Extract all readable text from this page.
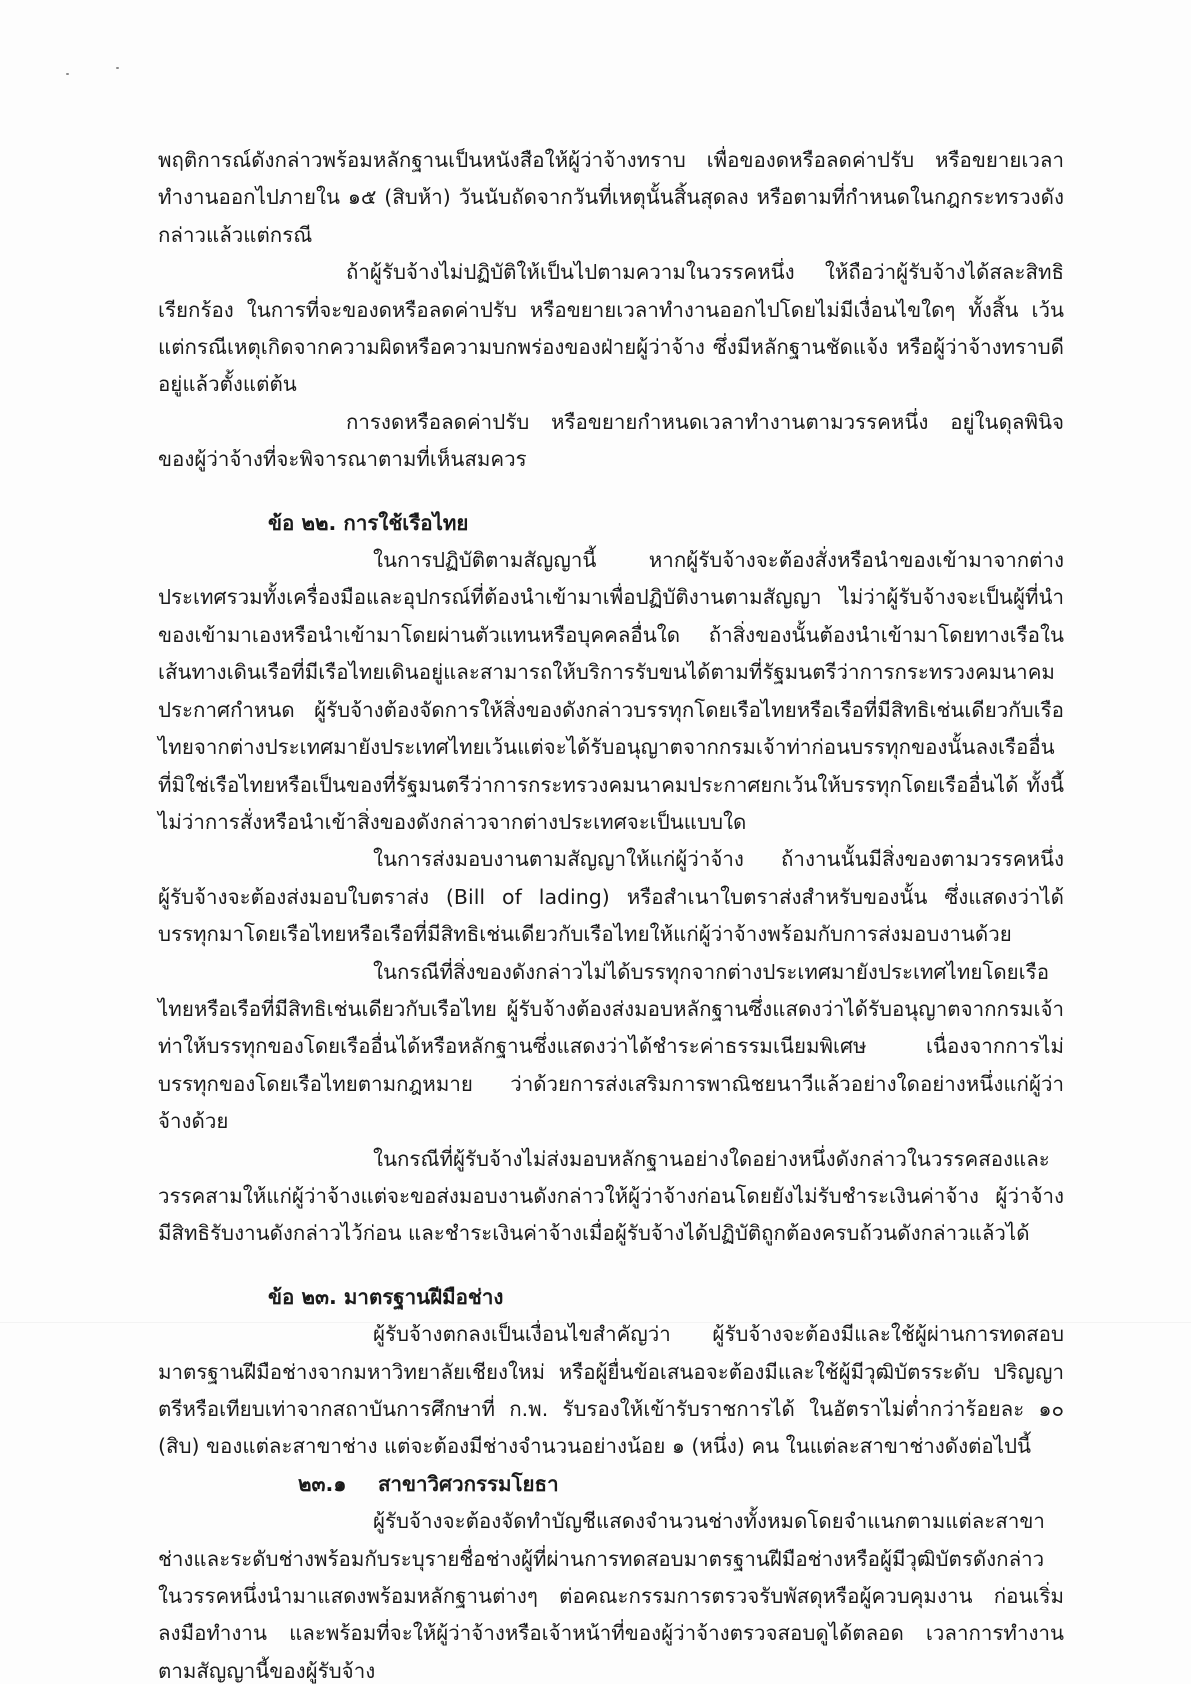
พฤติการณ์ดังกล่าวพร้อมหลักฐานเป็นหนังสือให้ผู้ว่าจ้างทราบ เพื่อของดหรือลดค่าปรับ หรือขยายเวลาทำงานออกไปภายใน ๑๕ (สิบห้า) วันนับถัดจากวันที่เหตุนั้นสิ้นสุดลง หรือตามที่กำหนดในกฎกระทรวงดังกล่าวแล้วแต่กรณี

ถ้าผู้รับจ้างไม่ปฏิบัติให้เป็นไปตามความในวรรคหนึ่ง ให้ถือว่าผู้รับจ้างได้สละสิทธิเรียกร้อง ในการที่จะของดหรือลดค่าปรับ หรือขยายเวลาทำงานออกไปโดยไม่มีเงื่อนไขใดๆ ทั้งสิ้น เว้นแต่กรณีเหตุเกิดจากความผิดหรือความบกพร่องของฝ่ายผู้ว่าจ้าง ซึ่งมีหลักฐานชัดแจ้ง หรือผู้ว่าจ้างทราบดีอยู่แล้วตั้งแต่ต้น

การงดหรือลดค่าปรับ หรือขยายกำหนดเวลาทำงานตามวรรคหนึ่ง อยู่ในดุลพินิจของผู้ว่าจ้างที่จะพิจารณาตามที่เห็นสมควร

ข้อ ๒๒. การใช้เรือไทย

ในการปฏิบัติตามสัญญานี้ หากผู้รับจ้างจะต้องสั่งหรือนำของเข้ามาจากต่างประเทศรวมทั้งเครื่องมือและอุปกรณ์ที่ต้องนำเข้ามาเพื่อปฏิบัติงานตามสัญญา ไม่ว่าผู้รับจ้างจะเป็นผู้ที่นำของเข้ามาเองหรือนำเข้ามาโดยผ่านตัวแทนหรือบุคคลอื่นใด ถ้าสิ่งของนั้นต้องนำเข้ามาโดยทางเรือในเส้นทางเดินเรือที่มีเรือไทยเดินอยู่และสามารถให้บริการรับขนได้ตามที่รัฐมนตรีว่าการกระทรวงคมนาคมประกาศกำหนด ผู้รับจ้างต้องจัดการให้สิ่งของดังกล่าวบรรทุกโดยเรือไทยหรือเรือที่มีสิทธิเช่นเดียวกับเรือไทยจากต่างประเทศมายังประเทศไทยเว้นแต่จะได้รับอนุญาตจากกรมเจ้าท่าก่อนบรรทุกของนั้นลงเรืออื่นที่มิใช่เรือไทยหรือเป็นของที่รัฐมนตรีว่าการกระทรวงคมนาคมประกาศยกเว้นให้บรรทุกโดยเรืออื่นได้ ทั้งนี้ ไม่ว่าการสั่งหรือนำเข้าสิ่งของดังกล่าวจากต่างประเทศจะเป็นแบบใด

ในการส่งมอบงานตามสัญญาให้แก่ผู้ว่าจ้าง ถ้างานนั้นมีสิ่งของตามวรรคหนึ่งผู้รับจ้างจะต้องส่งมอบใบตราส่ง (Bill of lading) หรือสำเนาใบตราส่งสำหรับของนั้น ซึ่งแสดงว่าได้บรรทุกมาโดยเรือไทยหรือเรือที่มีสิทธิเช่นเดียวกับเรือไทยให้แก่ผู้ว่าจ้างพร้อมกับการส่งมอบงานด้วย

ในกรณีที่สิ่งของดังกล่าวไม่ได้บรรทุกจากต่างประเทศมายังประเทศไทยโดยเรือไทยหรือเรือที่มีสิทธิเช่นเดียวกับเรือไทย ผู้รับจ้างต้องส่งมอบหลักฐานซึ่งแสดงว่าได้รับอนุญาตจากกรมเจ้าท่าให้บรรทุกของโดยเรืออื่นได้หรือหลักฐานซึ่งแสดงว่าได้ชำระค่าธรรมเนียมพิเศษ เนื่องจากการไม่บรรทุกของโดยเรือไทยตามกฎหมาย ว่าด้วยการส่งเสริมการพาณิชยนาวีแล้วอย่างใดอย่างหนึ่งแก่ผู้ว่าจ้างด้วย

ในกรณีที่ผู้รับจ้างไม่ส่งมอบหลักฐานอย่างใดอย่างหนึ่งดังกล่าวในวรรคสองและวรรคสามให้แก่ผู้ว่าจ้างแต่จะขอส่งมอบงานดังกล่าวให้ผู้ว่าจ้างก่อนโดยยังไม่รับชำระเงินค่าจ้าง ผู้ว่าจ้างมีสิทธิรับงานดังกล่าวไว้ก่อน และชำระเงินค่าจ้างเมื่อผู้รับจ้างได้ปฏิบัติถูกต้องครบถ้วนดังกล่าวแล้วได้

ข้อ ๒๓. มาตรฐานฝีมือช่าง

ผู้รับจ้างตกลงเป็นเงื่อนไขสำคัญว่า ผู้รับจ้างจะต้องมีและใช้ผู้ผ่านการทดสอบมาตรฐานฝีมือช่างจากมหาวิทยาลัยเชียงใหม่ หรือผู้ยื่นข้อเสนอจะต้องมีและใช้ผู้มีวุฒิบัตรระดับ ปริญญาตรีหรือเทียบเท่าจากสถาบันการศึกษาที่ ก.พ. รับรองให้เข้ารับราชการได้ ในอัตราไม่ต่ำกว่าร้อยละ ๑๐ (สิบ) ของแต่ละสาขาช่าง แต่จะต้องมีช่างจำนวนอย่างน้อย ๑ (หนึ่ง) คน ในแต่ละสาขาช่างดังต่อไปนี้

๒๓.๑ สาขาวิศวกรรมโยธา

ผู้รับจ้างจะต้องจัดทำบัญชีแสดงจำนวนช่างทั้งหมดโดยจำแนกตามแต่ละสาขาช่างและระดับช่างพร้อมกับระบุรายชื่อช่างผู้ที่ผ่านการทดสอบมาตรฐานฝีมือช่างหรือผู้มีวุฒิบัตรดังกล่าวในวรรคหนึ่งนำมาแสดงพร้อมหลักฐานต่างๆ ต่อคณะกรรมการตรวจรับพัสดุหรือผู้ควบคุมงาน ก่อนเริ่มลงมือทำงาน และพร้อมที่จะให้ผู้ว่าจ้างหรือเจ้าหน้าที่ของผู้ว่าจ้างตรวจสอบดูได้ตลอด เวลาการทำงานตามสัญญานี้ของผู้รับจ้าง
